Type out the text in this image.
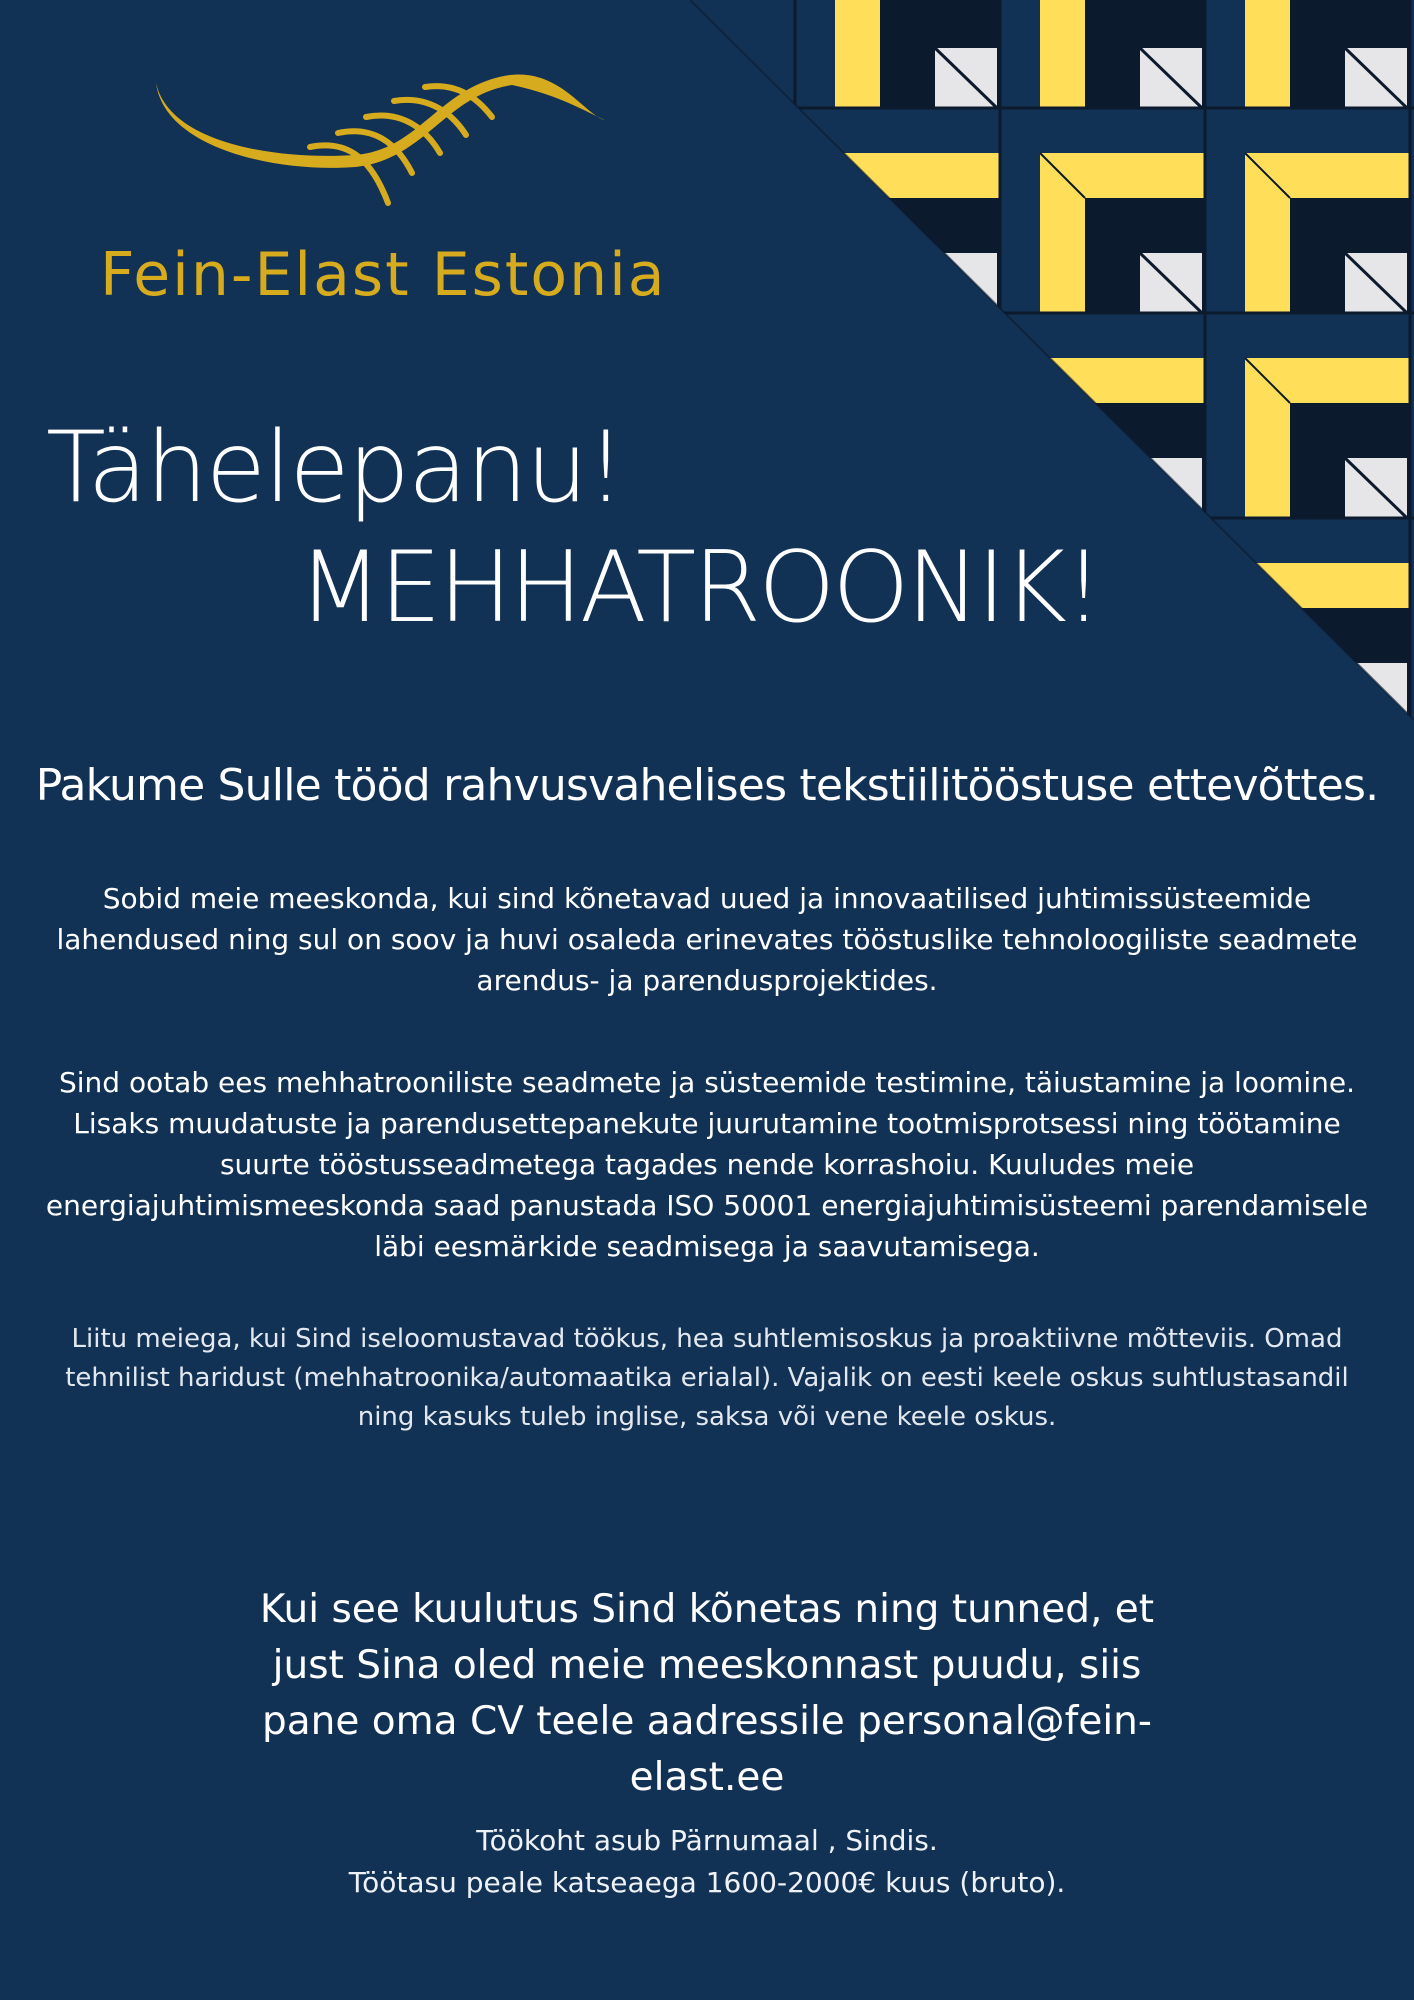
Fein-Elast Estonia
Tähelepanu!
MEHHATROONIK!
Pakume Sulle tööd rahvusvahelises tekstiilitööstuse ettevõttes.
Sobid meie meeskonda, kui sind kõnetavad uued ja innovaatilised juhtimissüsteemide lahendused ning sul on soov ja huvi osaleda erinevates tööstuslike tehnoloogiliste seadmete arendus- ja parendusprojektides.
Sind ootab ees mehhatrooniliste seadmete ja süsteemide testimine, täiustamine ja loomine. Lisaks muudatuste ja parendusettepanekute juurutamine tootmisprotsessi ning töötamine suurte tööstusseadmetega tagades nende korrashoiu. Kuuludes meie energiajuhtimismeeskonda saad panustada ISO 50001 energiajuhtimisüsteemi parendamisele läbi eesmärkide seadmisega ja saavutamisega.
Liitu meiega, kui Sind iseloomustavad töökus, hea suhtlemisoskus ja proaktiivne mõtteviis. Omad tehnilist haridust (mehhatroonika/automaatika erialal). Vajalik on eesti keele oskus suhtlustasandil ning kasuks tuleb inglise, saksa või vene keele oskus.
Kui see kuulutus Sind kõnetas ning tunned, et just Sina oled meie meeskonnast puudu, siis pane oma CV teele aadressile personal@fein-elast.ee
Töökoht asub Pärnumaal , Sindis.
Töötasu peale katseaega 1600-2000€ kuus (bruto).
